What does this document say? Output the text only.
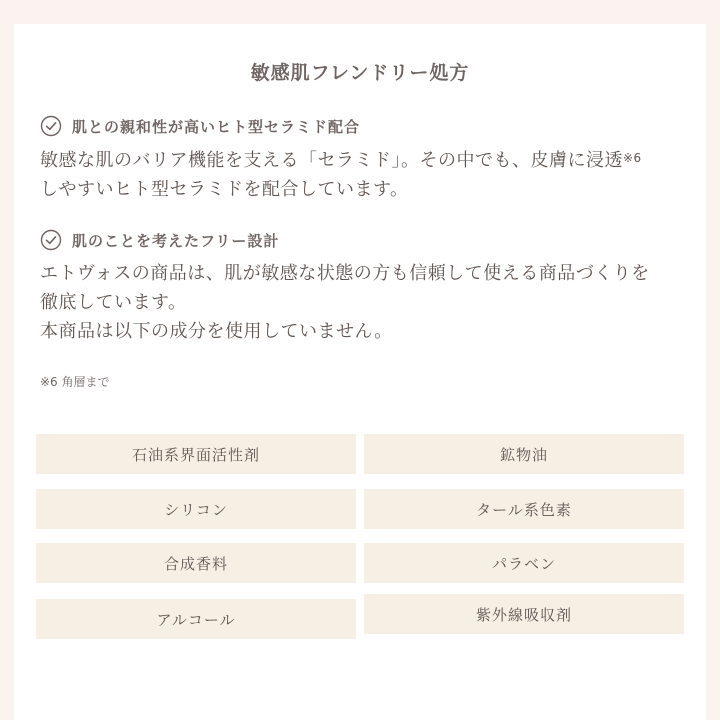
敏感肌フレンドリー処方
肌との親和性が高いヒト型セラミド配合
敏感な肌のバリア機能を支える「セラミド」。その中でも、皮膚に浸透$^{※6}$
しやすいヒト型セラミドを配合しています。
肌のことを考えたフリー設計
エトヴォスの商品は、肌が敏感な状態の方も信頼して使える商品づくりを
徹底しています。
本商品は以下の成分を使用していません。
※6 角層まで
石油系界面活性剤	鉱物油
シリコン	タール系色素
合成香料	パラベン
アルコール	紫外線吸収剤
